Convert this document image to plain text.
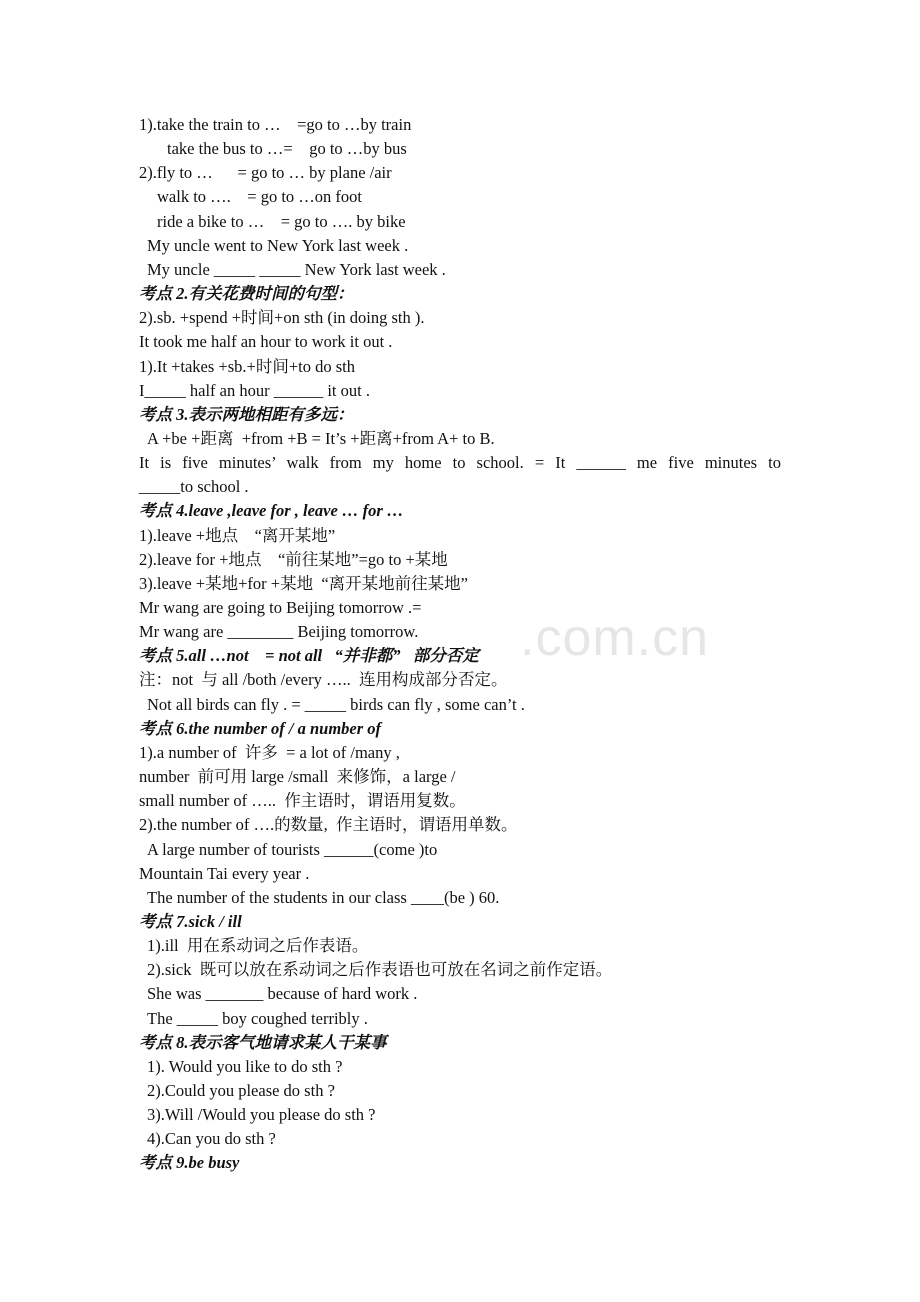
.com.cn
1).take the train to …    =go to …by train
take the bus to …=    go to …by bus
2).fly to …      = go to … by plane /air
walk to ….    = go to …on foot
ride a bike to …    = go to …. by bike
My uncle went to New York last week .
My uncle _____ _____ New York last week .
考点 2.有关花费时间的句型：
2).sb. +spend +时间+on sth (in doing sth ).
It took me half an hour to work it out .
1).It +takes +sb.+时间+to do sth
I_____ half an hour ______ it out .
考点 3.表示两地相距有多远：
A +be +距离  +from +B = It’s +距离+from A+ to B.
It is five minutes’ walk from my home to school. = It ______ me five minutes to
_____to school .
考点 4.leave ,leave for , leave … for …
1).leave +地点    “离开某地”
2).leave for +地点    “前往某地”=go to +某地
3).leave +某地+for +某地  “离开某地前往某地”
Mr wang are going to Beijing tomorrow .=
Mr wang are ________ Beijing tomorrow.
考点 5.all …not    = not all   “并非都”   部分否定
注：not  与 all /both /every …..  连用构成部分否定。
Not all birds can fly . = _____ birds can fly , some can’t .
考点 6.the number of / a number of
1).a number of  许多  = a lot of /many ,
number  前可用 large /small  来修饰，a large /
small number of …..  作主语时，谓语用复数。
2).the number of ….的数量,  作主语时，谓语用单数。
A large number of tourists ______(come )to
Mountain Tai every year .
The number of the students in our class ____(be ) 60.
考点 7.sick / ill
1).ill  用在系动词之后作表语。
2).sick  既可以放在系动词之后作表语也可放在名词之前作定语。
She was _______ because of hard work .
The _____ boy coughed terribly .
考点 8.表示客气地请求某人干某事
1). Would you like to do sth ?
2).Could you please do sth ?
3).Will /Would you please do sth ?
4).Can you do sth ?
考点 9.be busy
